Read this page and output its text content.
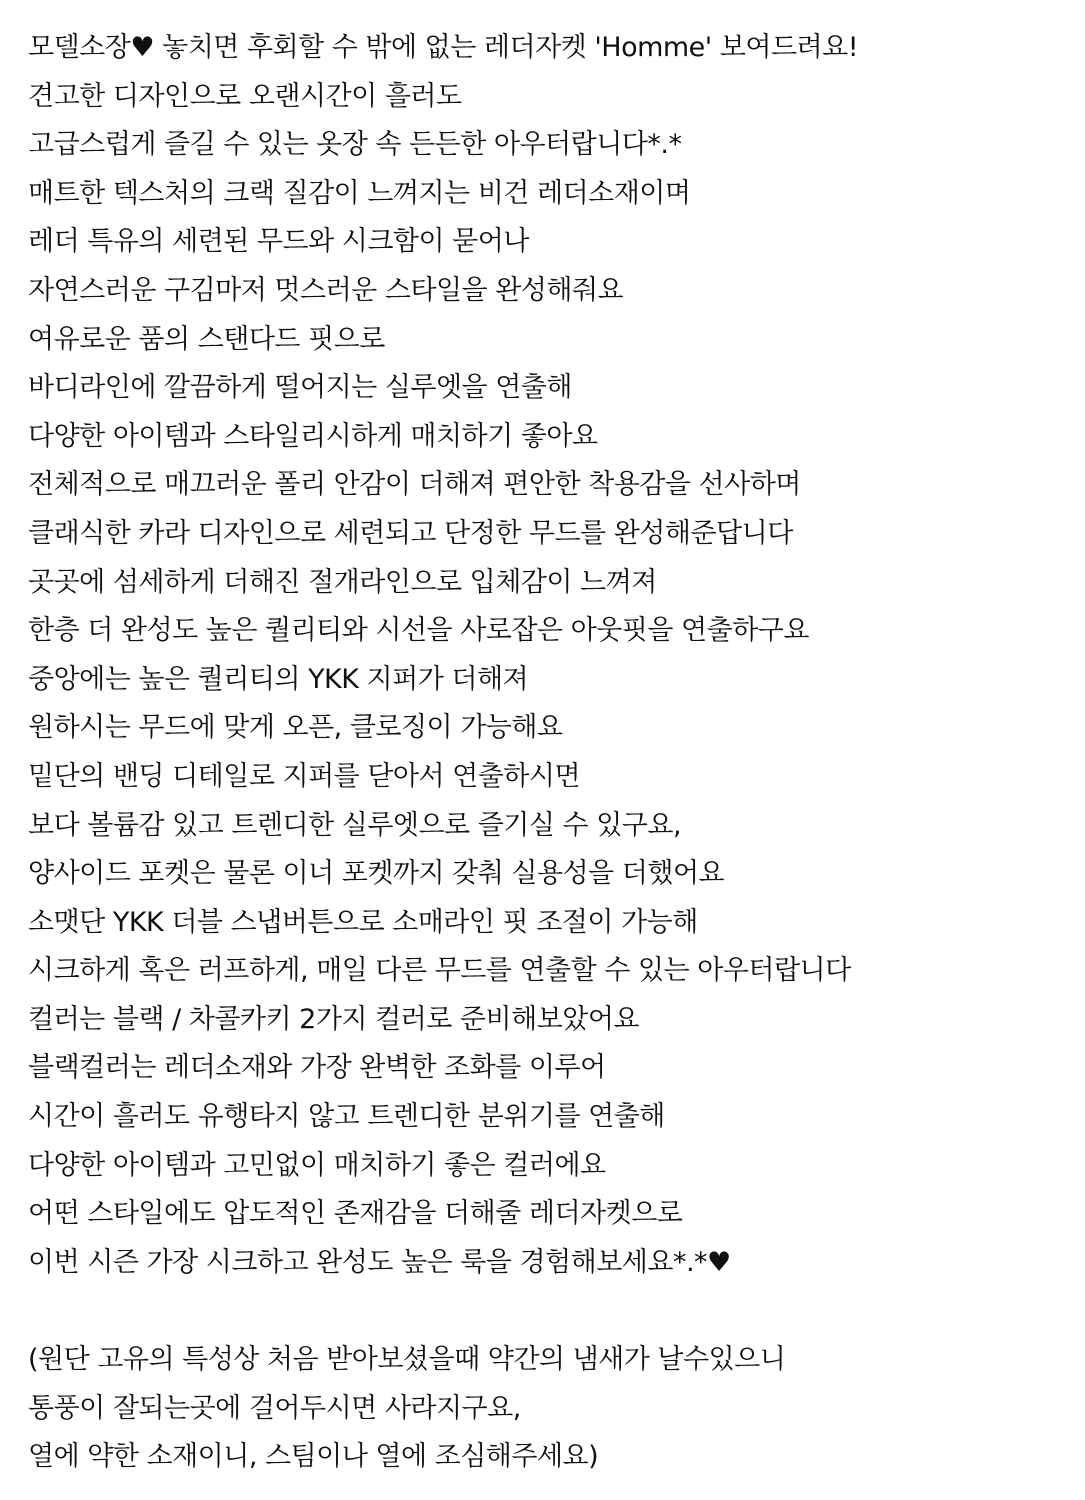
모델소장♥ 놓치면 후회할 수 밖에 없는 레더자켓 'Homme' 보여드려요!
견고한 디자인으로 오랜시간이 흘러도
고급스럽게 즐길 수 있는 옷장 속 든든한 아우터랍니다*.*
매트한 텍스처의 크랙 질감이 느껴지는 비건 레더소재이며
레더 특유의 세련된 무드와 시크함이 묻어나
자연스러운 구김마저 멋스러운 스타일을 완성해줘요
여유로운 품의 스탠다드 핏으로
바디라인에 깔끔하게 떨어지는 실루엣을 연출해
다양한 아이템과 스타일리시하게 매치하기 좋아요
전체적으로 매끄러운 폴리 안감이 더해져 편안한 착용감을 선사하며
클래식한 카라 디자인으로 세련되고 단정한 무드를 완성해준답니다
곳곳에 섬세하게 더해진 절개라인으로 입체감이 느껴져
한층 더 완성도 높은 퀄리티와 시선을 사로잡은 아웃핏을 연출하구요
중앙에는 높은 퀄리티의 YKK 지퍼가 더해져
원하시는 무드에 맞게 오픈, 클로징이 가능해요
밑단의 밴딩 디테일로 지퍼를 닫아서 연출하시면
보다 볼륨감 있고 트렌디한 실루엣으로 즐기실 수 있구요,
양사이드 포켓은 물론 이너 포켓까지 갖춰 실용성을 더했어요
소맷단 YKK 더블 스냅버튼으로 소매라인 핏 조절이 가능해
시크하게 혹은 러프하게, 매일 다른 무드를 연출할 수 있는 아우터랍니다
컬러는 블랙 / 차콜카키 2가지 컬러로 준비해보았어요
블랙컬러는 레더소재와 가장 완벽한 조화를 이루어
시간이 흘러도 유행타지 않고 트렌디한 분위기를 연출해
다양한 아이템과 고민없이 매치하기 좋은 컬러에요
어떤 스타일에도 압도적인 존재감을 더해줄 레더자켓으로
이번 시즌 가장 시크하고 완성도 높은 룩을 경험해보세요*.*♥
(원단 고유의 특성상 처음 받아보셨을때 약간의 냄새가 날수있으니
통풍이 잘되는곳에 걸어두시면 사라지구요,
열에 약한 소재이니, 스팀이나 열에 조심해주세요)
